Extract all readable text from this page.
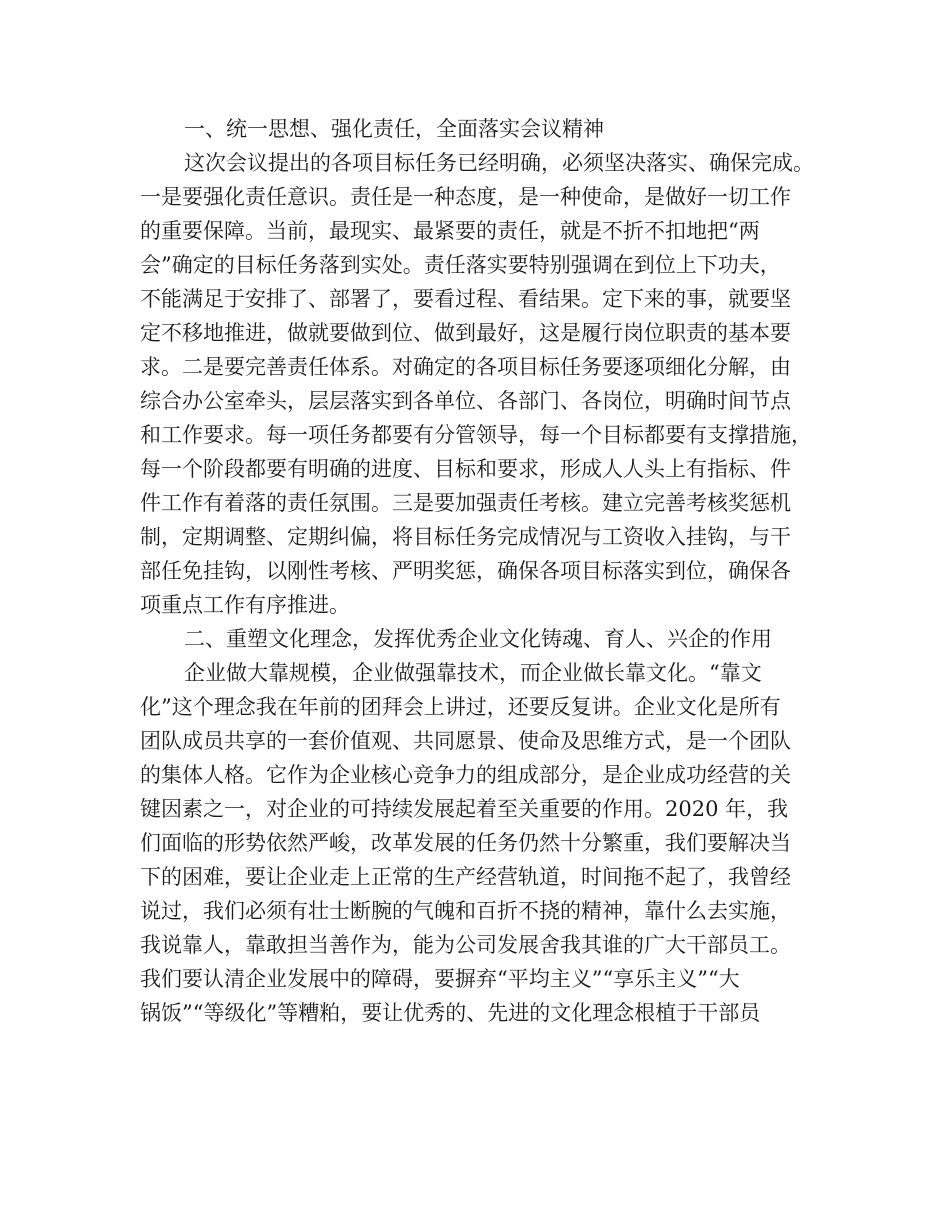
一、统一思想、强化责任，全面落实会议精神
这次会议提出的各项目标任务已经明确，必须坚决落实、确保完成。
一是要强化责任意识。责任是一种态度，是一种使命，是做好一切工作
的重要保障。当前，最现实、最紧要的责任，就是不折不扣地把“两
会”确定的目标任务落到实处。责任落实要特别强调在到位上下功夫，
不能满足于安排了、部署了，要看过程、看结果。定下来的事，就要坚
定不移地推进，做就要做到位、做到最好，这是履行岗位职责的基本要
求。二是要完善责任体系。对确定的各项目标任务要逐项细化分解，由
综合办公室牵头，层层落实到各单位、各部门、各岗位，明确时间节点
和工作要求。每一项任务都要有分管领导，每一个目标都要有支撑措施，
每一个阶段都要有明确的进度、目标和要求，形成人人头上有指标、件
件工作有着落的责任氛围。三是要加强责任考核。建立完善考核奖惩机
制，定期调整、定期纠偏，将目标任务完成情况与工资收入挂钩，与干
部任免挂钩，以刚性考核、严明奖惩，确保各项目标落实到位，确保各
项重点工作有序推进。
二、重塑文化理念，发挥优秀企业文化铸魂、育人、兴企的作用
企业做大靠规模，企业做强靠技术，而企业做长靠文化。“靠文
化”这个理念我在年前的团拜会上讲过，还要反复讲。企业文化是所有
团队成员共享的一套价值观、共同愿景、使命及思维方式，是一个团队
的集体人格。它作为企业核心竞争力的组成部分，是企业成功经营的关
键因素之一，对企业的可持续发展起着至关重要的作用。2020 年，我
们面临的形势依然严峻，改革发展的任务仍然十分繁重，我们要解决当
下的困难，要让企业走上正常的生产经营轨道，时间拖不起了，我曾经
说过，我们必须有壮士断腕的气魄和百折不挠的精神，靠什么去实施，
我说靠人，靠敢担当善作为，能为公司发展舍我其谁的广大干部员工。
我们要认清企业发展中的障碍，要摒弃“平均主义”“享乐主义”“大
锅饭”“等级化”等糟粕，要让优秀的、先进的文化理念根植于干部员
